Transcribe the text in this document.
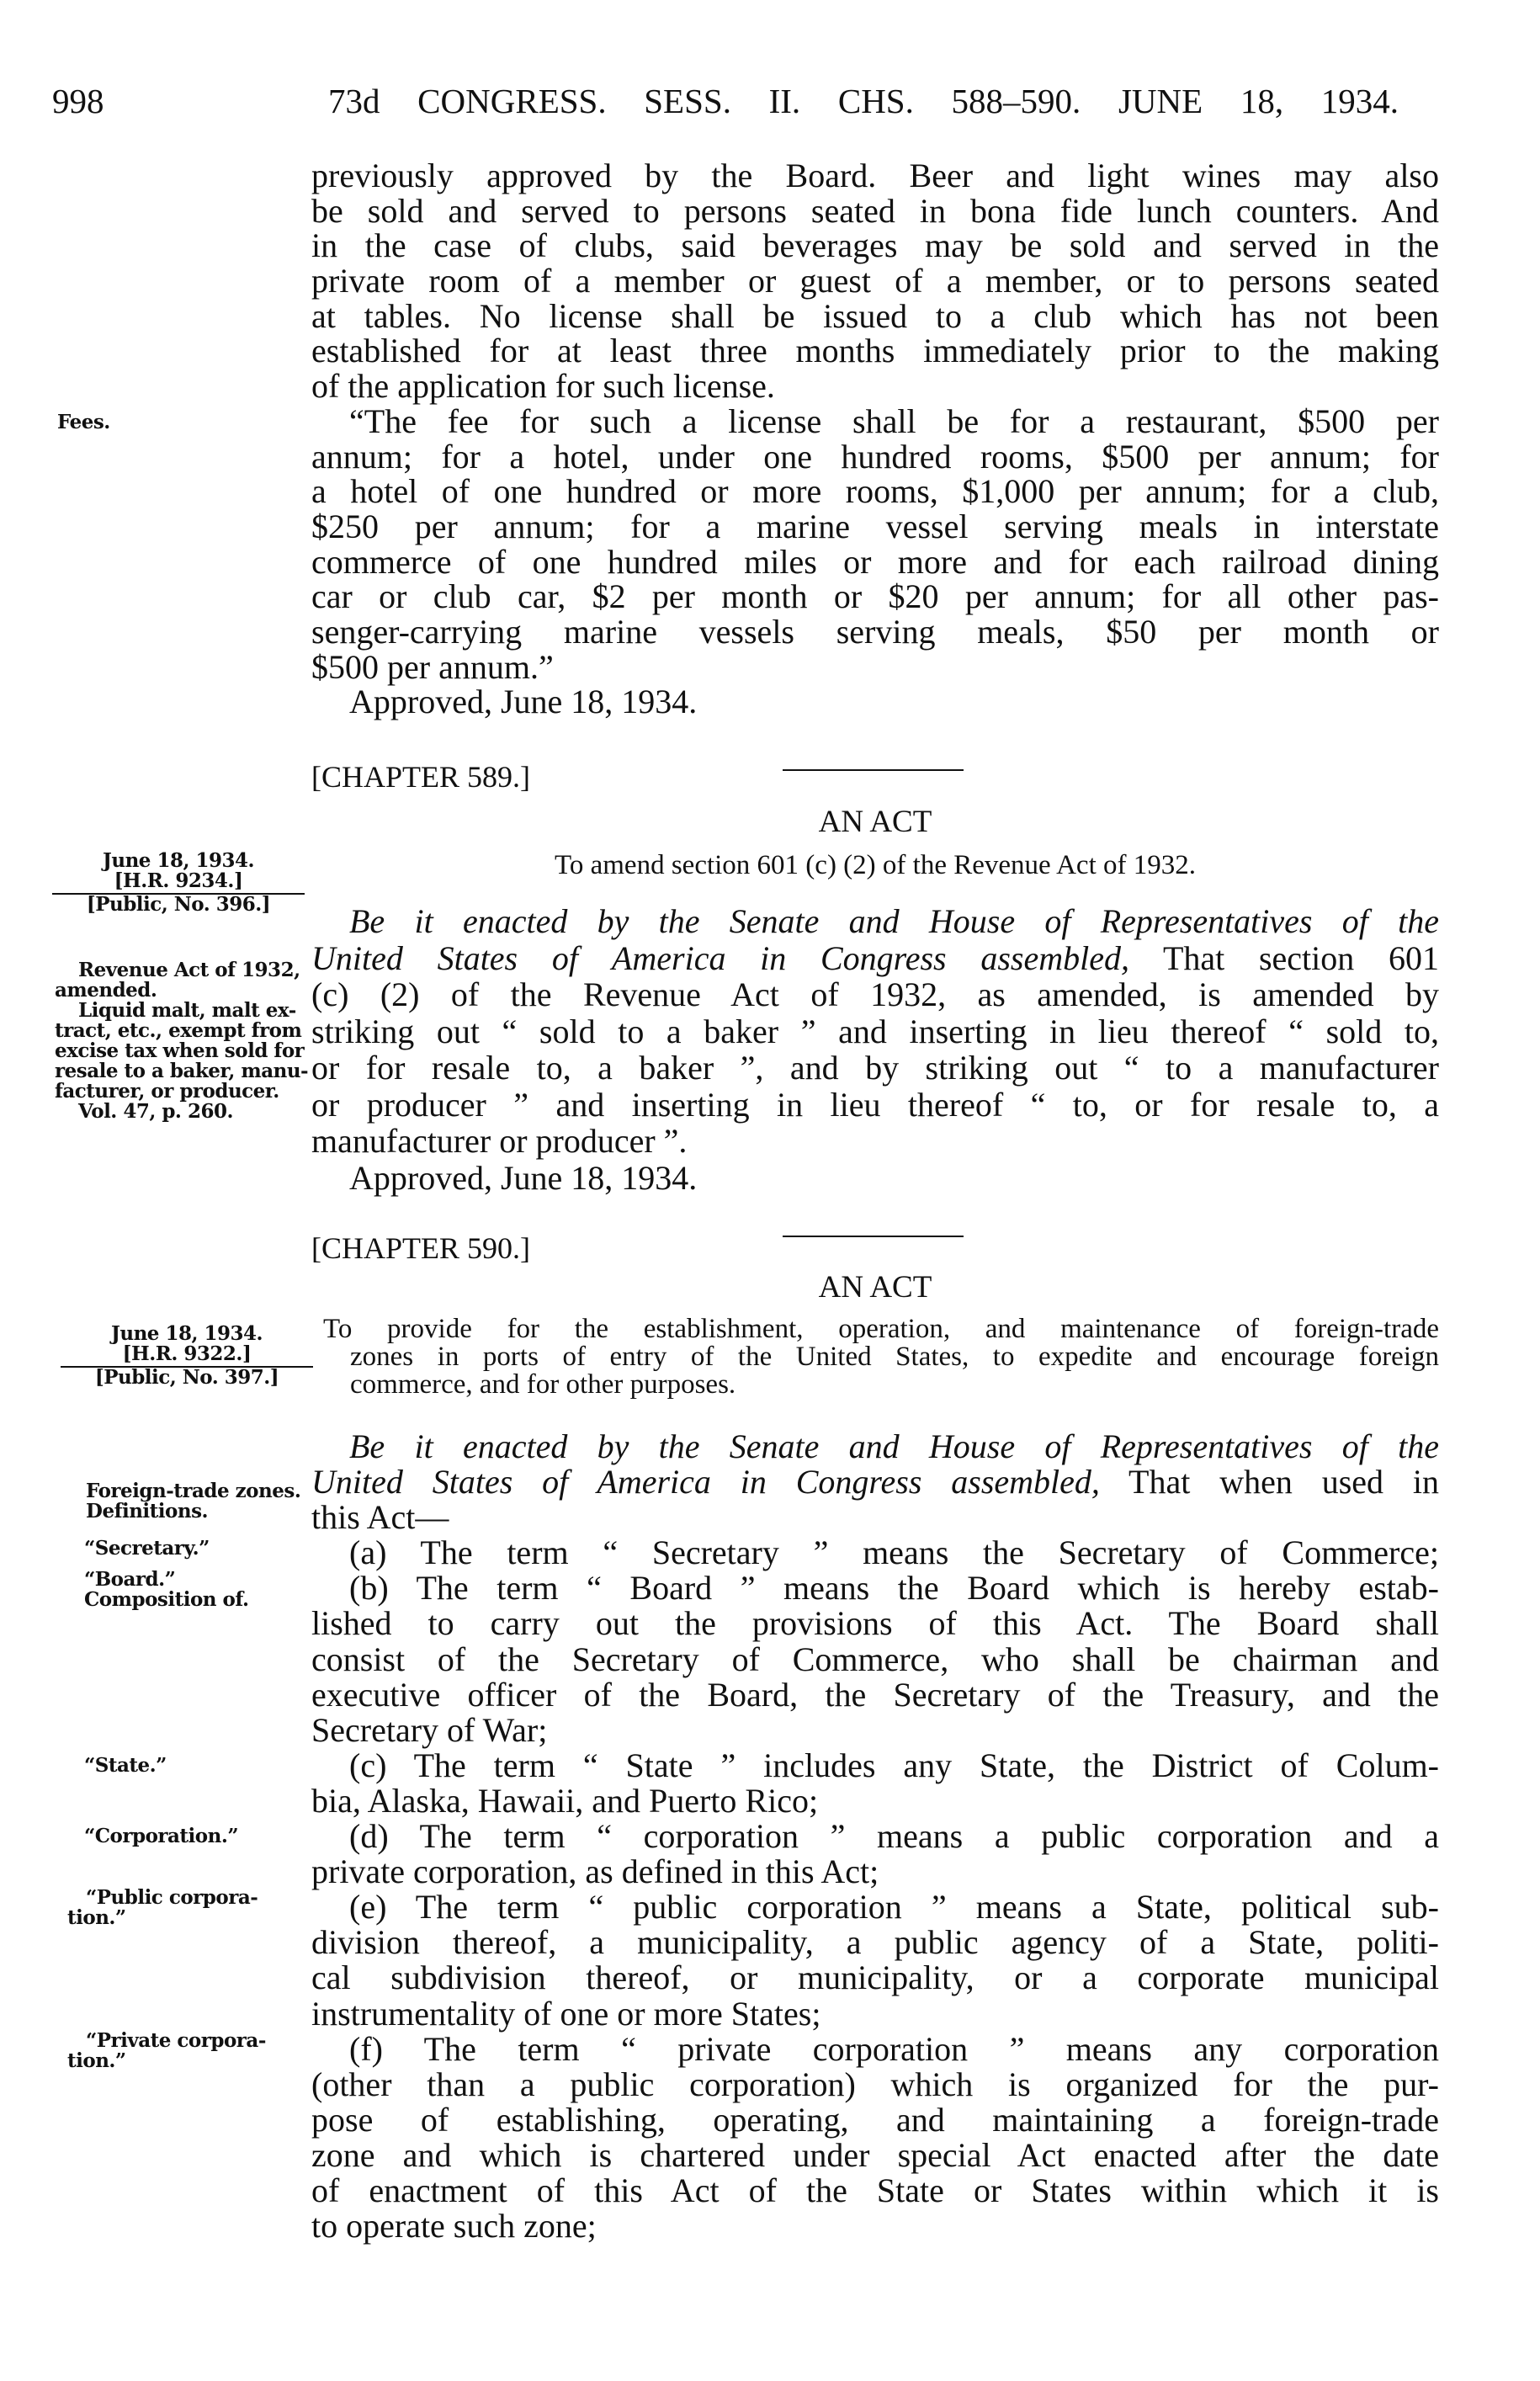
998	73d CONGRESS. SESS. II. CHS. 588–590. JUNE 18, 1934.
previously approved by the Board. Beer and light wines may also
be sold and served to persons seated in bona fide lunch counters. And
in the case of clubs, said beverages may be sold and served in the
private room of a member or guest of a member, or to persons seated
at tables. No license shall be issued to a club which has not been
established for at least three months immediately prior to the making
of the application for such license.
“The fee for such a license shall be for a restaurant, $500 per
annum; for a hotel, under one hundred rooms, $500 per annum; for
a hotel of one hundred or more rooms, $1,000 per annum; for a club,
$250 per annum; for a marine vessel serving meals in interstate
commerce of one hundred miles or more and for each railroad dining
car or club car, $2 per month or $20 per annum; for all other pas-
senger-carrying marine vessels serving meals, $50 per month or
$500 per annum.”
Approved, June 18, 1934.
[CHAPTER 589.]
AN ACT
To amend section 601 (c) (2) of the Revenue Act of 1932.
Be it enacted by the Senate and House of Representatives of the
United States of America in Congress assembled, That section 601
(c) (2) of the Revenue Act of 1932, as amended, is amended by
striking out “ sold to a baker ” and inserting in lieu thereof “ sold to,
or for resale to, a baker ”, and by striking out “ to a manufacturer
or producer ” and inserting in lieu thereof “ to, or for resale to, a
manufacturer or producer ”.
Approved, June 18, 1934.
[CHAPTER 590.]
AN ACT
To provide for the establishment, operation, and maintenance of foreign-trade
zones in ports of entry of the United States, to expedite and encourage foreign
commerce, and for other purposes.
Be it enacted by the Senate and House of Representatives of the
United States of America in Congress assembled, That when used in
this Act—
(a) The term “ Secretary ” means the Secretary of Commerce;
(b) The term “ Board ” means the Board which is hereby estab-
lished to carry out the provisions of this Act. The Board shall
consist of the Secretary of Commerce, who shall be chairman and
executive officer of the Board, the Secretary of the Treasury, and the
Secretary of War;
(c) The term “ State ” includes any State, the District of Colum-
bia, Alaska, Hawaii, and Puerto Rico;
(d) The term “ corporation ” means a public corporation and a
private corporation, as defined in this Act;
(e) The term “ public corporation ” means a State, political sub-
division thereof, a municipality, a public agency of a State, politi-
cal subdivision thereof, or municipality, or a corporate municipal
instrumentality of one or more States;
(f) The term “ private corporation ” means any corporation
(other than a public corporation) which is organized for the pur-
pose of establishing, operating, and maintaining a foreign-trade
zone and which is chartered under special Act enacted after the date
of enactment of this Act of the State or States within which it is
to operate such zone;
Fees.
June 18, 1934.
[H.R. 9234.]
[Public, No. 396.]
Revenue Act of 1932,
amended.
Liquid malt, malt ex-
tract, etc., exempt from
excise tax when sold for
resale to a baker, manu-
facturer, or producer.
Vol. 47, p. 260.
June 18, 1934.
[H.R. 9322.]
[Public, No. 397.]
Foreign-trade zones.
Definitions.
“Secretary.”
“Board.”
Composition of.
“State.”
“Corporation.”
“Public corpora-
tion.”
“Private corpora-
tion.”
